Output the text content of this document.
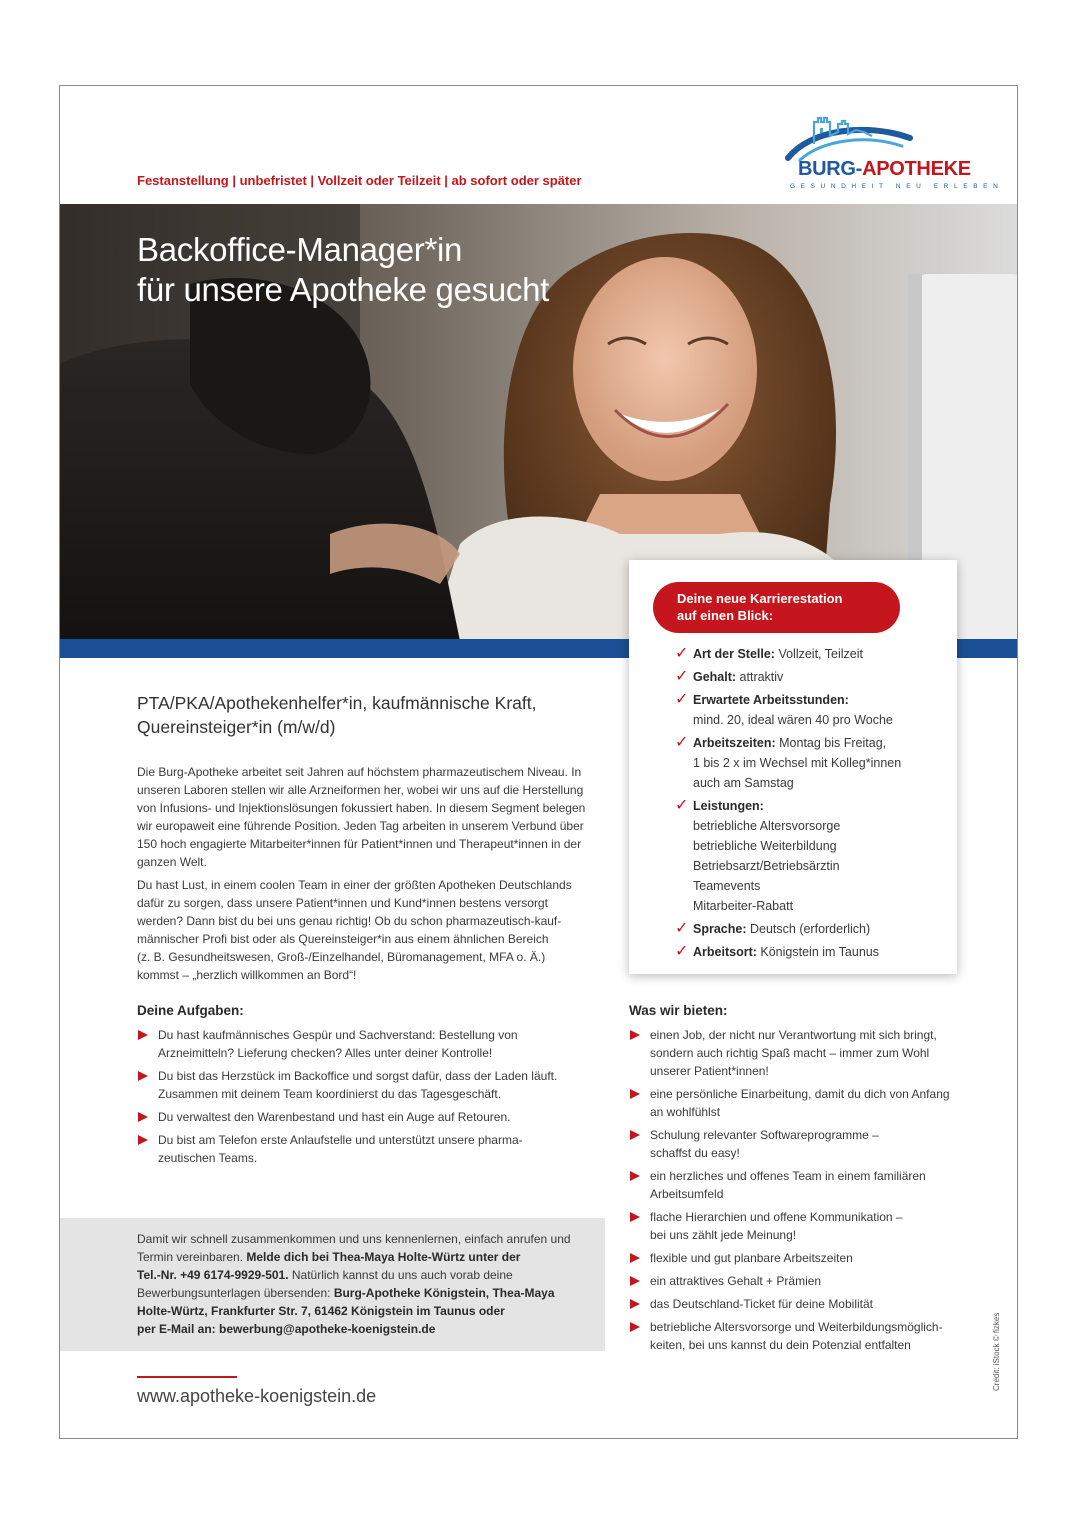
Festanstellung | unbefristet | Vollzeit oder Teilzeit | ab sofort oder später
BURG-APOTHEKE
GESUNDHEIT NEU ERLEBEN
Backoffice-Manager*in
für unsere Apotheke gesucht
Deine neue Karrierestation
auf einen Blick:
✓ Art der Stelle: Vollzeit, Teilzeit
✓ Gehalt: attraktiv
✓ Erwartete Arbeitsstunden:
mind. 20, ideal wären 40 pro Woche
✓ Arbeitszeiten: Montag bis Freitag,
1 bis 2 x im Wechsel mit Kolleg*innen
auch am Samstag
✓ Leistungen:
betriebliche Altersvorsorge
betriebliche Weiterbildung
Betriebsarzt/Betriebsärztin
Teamevents
Mitarbeiter-Rabatt
✓ Sprache: Deutsch (erforderlich)
✓ Arbeitsort: Königstein im Taunus
PTA/PKA/Apothekenhelfer*in, kaufmännische Kraft,
Quereinsteiger*in (m/w/d)

Die Burg-Apotheke arbeitet seit Jahren auf höchstem pharmazeutischem Niveau. In
unseren Laboren stellen wir alle Arzneiformen her, wobei wir uns auf die Herstellung
von Infusions- und Injektionslösungen fokussiert haben. In diesem Segment belegen
wir europaweit eine führende Position. Jeden Tag arbeiten in unserem Verbund über
150 hoch engagierte Mitarbeiter*innen für Patient*innen und Therapeut*innen in der
ganzen Welt.

Du hast Lust, in einem coolen Team in einer der größten Apotheken Deutschlands
dafür zu sorgen, dass unsere Patient*innen und Kund*innen bestens versorgt
werden? Dann bist du bei uns genau richtig! Ob du schon pharmazeutisch-kauf-
männischer Profi bist oder als Quereinsteiger*in aus einem ähnlichen Bereich
(z. B. Gesundheitswesen, Groß-/Einzelhandel, Büromanagement, MFA o. Ä.)
kommst – „herzlich willkommen an Bord“!

Deine Aufgaben:
Du hast kaufmännisches Gespür und Sachverstand: Bestellung von
Arzneimitteln? Lieferung checken? Alles unter deiner Kontrolle!
Du bist das Herzstück im Backoffice und sorgst dafür, dass der Laden läuft.
Zusammen mit deinem Team koordinierst du das Tagesgeschäft.
Du verwaltest den Warenbestand und hast ein Auge auf Retouren.
Du bist am Telefon erste Anlaufstelle und unterstützt unsere pharma-
zeutischen Teams.
Was wir bieten:
einen Job, der nicht nur Verantwortung mit sich bringt,
sondern auch richtig Spaß macht – immer zum Wohl
unserer Patient*innen!
eine persönliche Einarbeitung, damit du dich von Anfang
an wohlfühlst
Schulung relevanter Softwareprogramme –
schaffst du easy!
ein herzliches und offenes Team in einem familiären
Arbeitsumfeld
flache Hierarchien und offene Kommunikation –
bei uns zählt jede Meinung!
flexible und gut planbare Arbeitszeiten
ein attraktives Gehalt + Prämien
das Deutschland-Ticket für deine Mobilität
betriebliche Altersvorsorge und Weiterbildungsmöglich-
keiten, bei uns kannst du dein Potenzial entfalten
Damit wir schnell zusammenkommen und uns kennenlernen, einfach anrufen und
Termin vereinbaren. Melde dich bei Thea-Maya Holte-Würtz unter der
Tel.-Nr. +49 6174-9929-501. Natürlich kannst du uns auch vorab deine
Bewerbungsunterlagen übersenden: Burg-Apotheke Königstein, Thea-Maya
Holte-Würtz, Frankfurter Str. 7, 61462 Königstein im Taunus oder
per E-Mail an: bewerbung@apotheke-koenigstein.de
www.apotheke-koenigstein.de
Credit: iStock © fizkes
